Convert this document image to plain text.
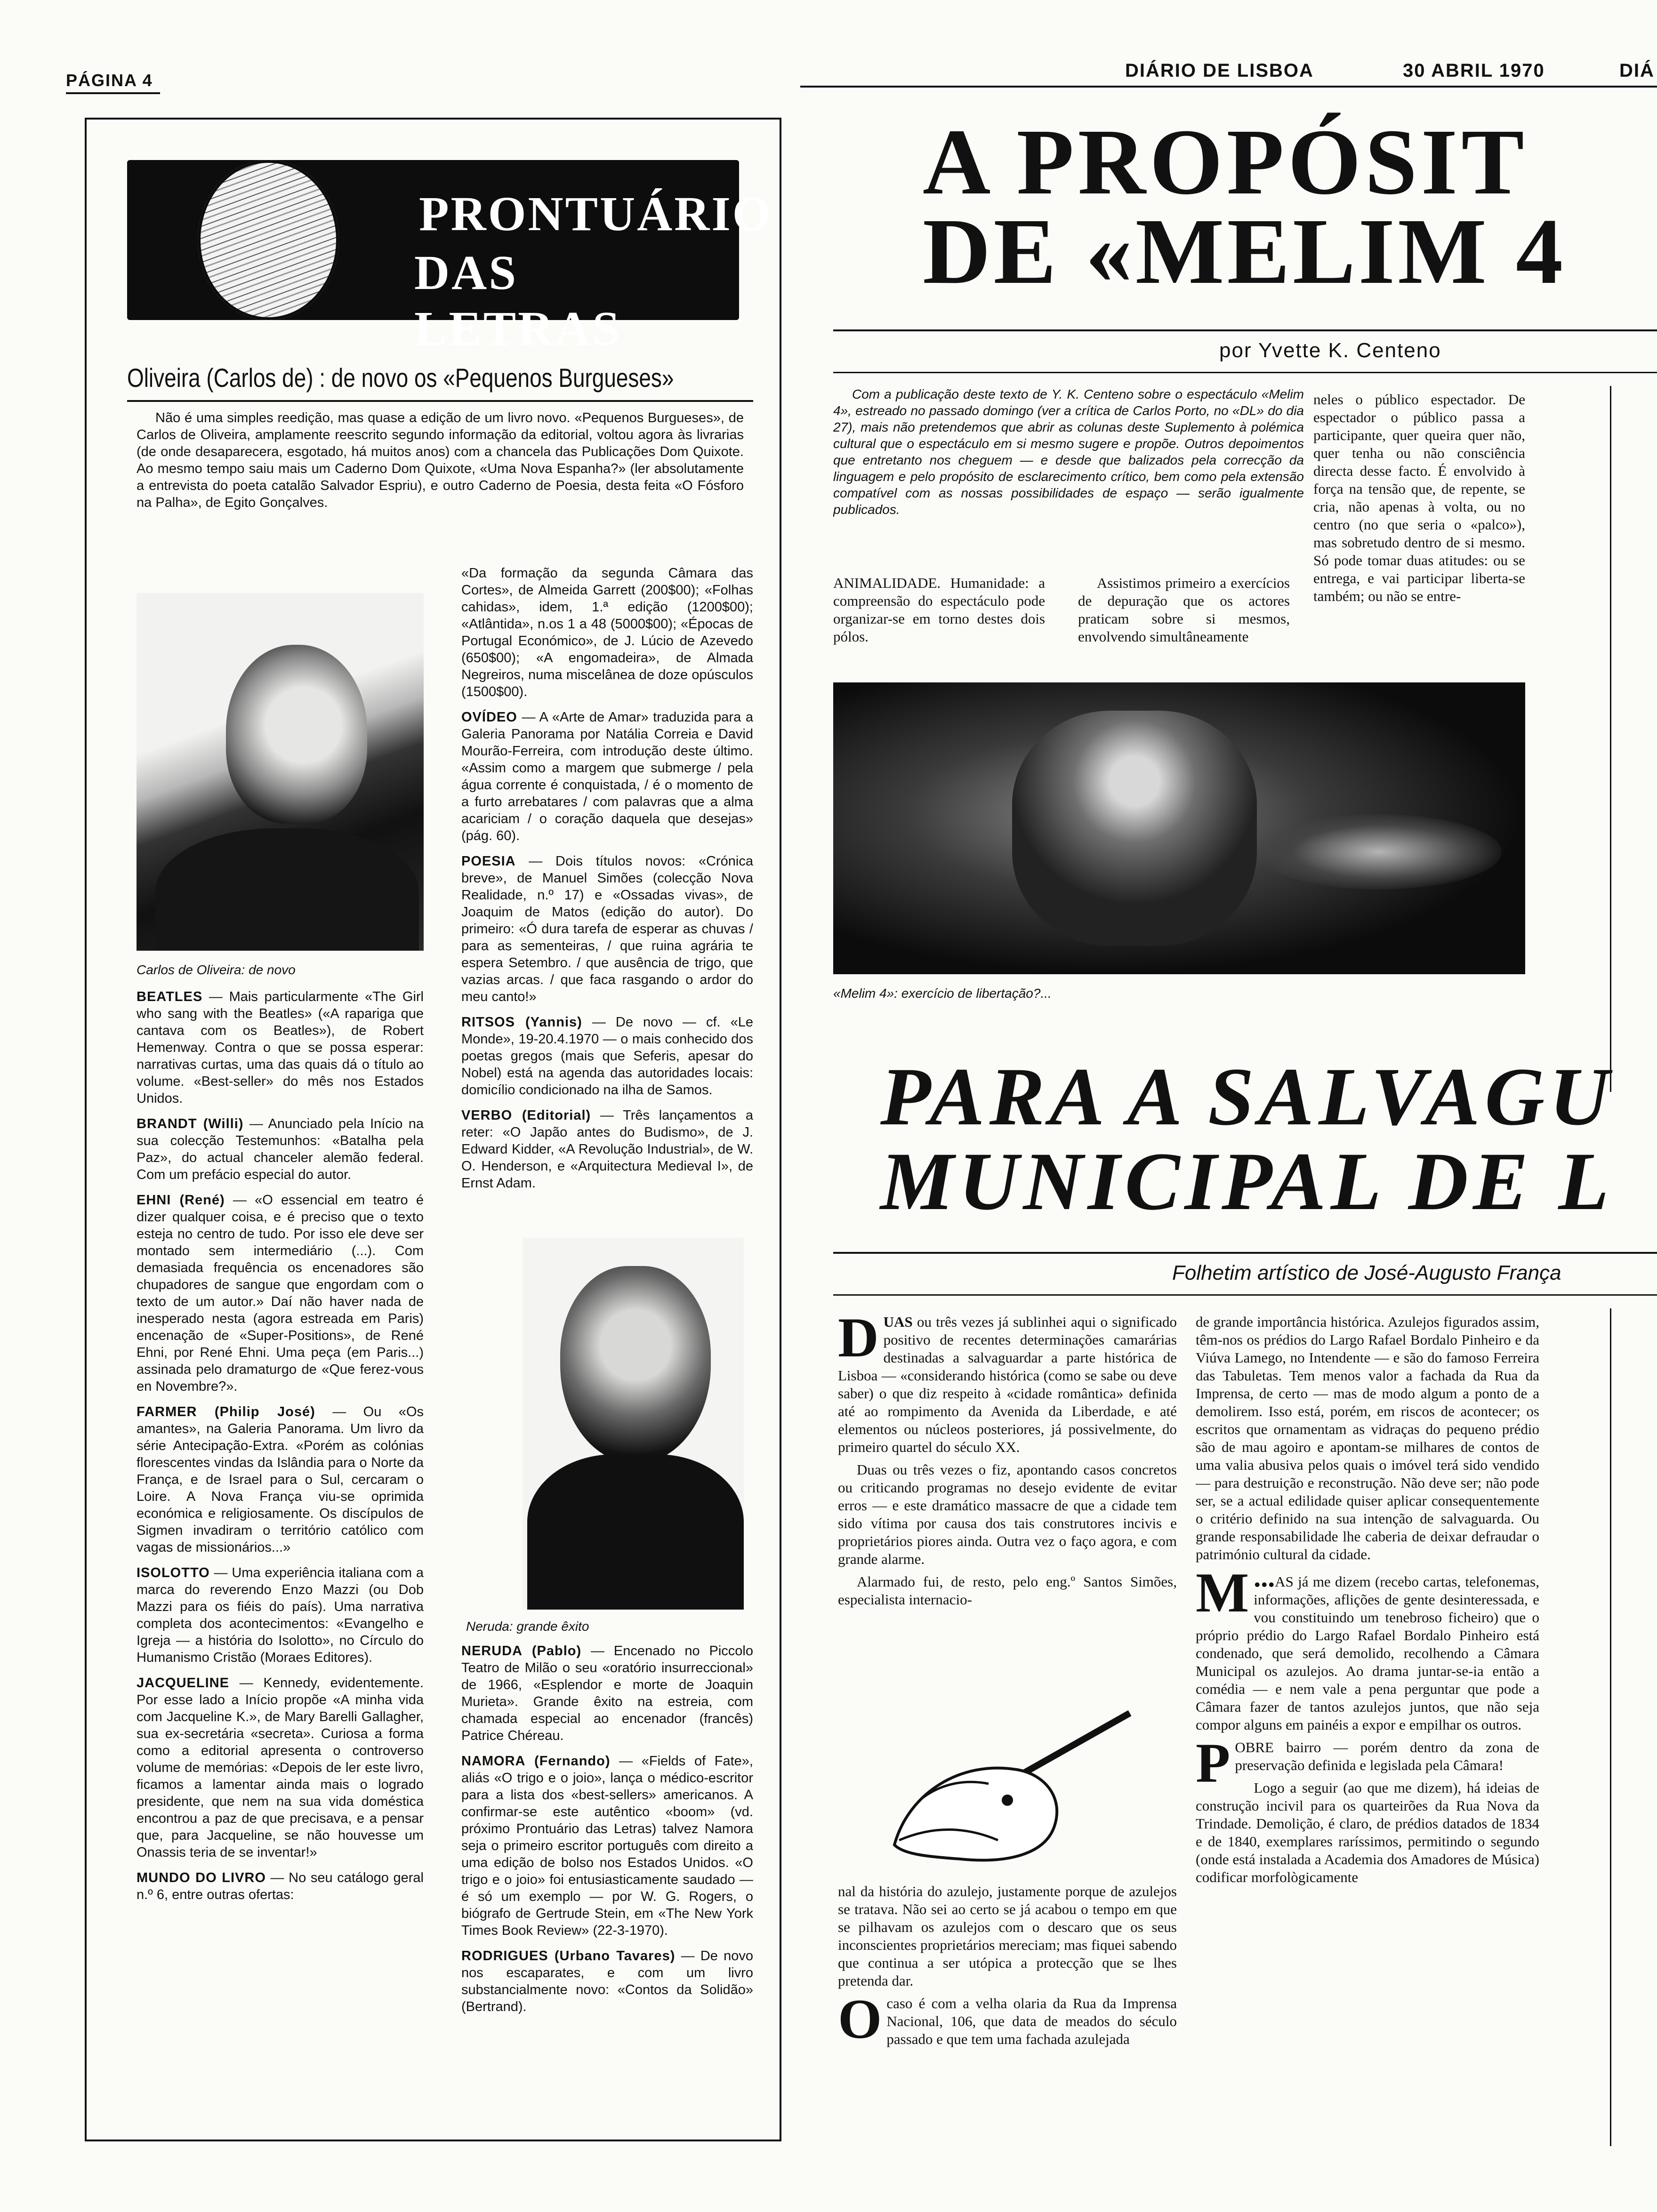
PÁGINA 4	DIÁRIO DE LISBOA	30 ABRIL 1970	DIÁ
PRONTUÁRIO
DAS LETRAS
Oliveira (Carlos de) : de novo os «Pequenos Burgueses»

Não é uma simples reedição, mas quase a edição de um livro novo. «Pequenos Burgueses», de Carlos de Oliveira, amplamente reescrito segundo informação da editorial, voltou agora às livrarias (de onde desaparecera, esgotado, há muitos anos) com a chancela das Publicações Dom Quixote. Ao mesmo tempo saiu mais um Caderno Dom Quixote, «Uma Nova Espanha?» (ler absolutamente a entrevista do poeta catalão Salvador Espriu), e outro Caderno de Poesia, desta feita «O Fósforo na Palha», de Egito Gonçalves.

Carlos de Oliveira: de novo

BEATLES — Mais particularmente «The Girl who sang with the Beatles» («A rapariga que cantava com os Beatles»), de Robert Hemenway. Contra o que se possa esperar: narrativas curtas, uma das quais dá o título ao volume. «Best-seller» do mês nos Estados Unidos.

BRANDT (Willi) — Anunciado pela Início na sua colecção Testemunhos: «Batalha pela Paz», do actual chanceler alemão federal. Com um prefácio especial do autor.

EHNI (René) — «O essencial em teatro é dizer qualquer coisa, e é preciso que o texto esteja no centro de tudo. Por isso ele deve ser montado sem intermediário (...). Com demasiada frequência os encenadores são chupadores de sangue que engordam com o texto de um autor.» Daí não haver nada de inesperado nesta (agora estreada em Paris) encenação de «Super-Positions», de René Ehni, por René Ehni. Uma peça (em Paris...) assinada pelo dramaturgo de «Que ferez-vous en Novembre?».

FARMER (Philip José) — Ou «Os amantes», na Galeria Panorama. Um livro da série Antecipação-Extra. «Porém as colónias florescentes vindas da Islândia para o Norte da França, e de Israel para o Sul, cercaram o Loire. A Nova França viu-se oprimida económica e religiosamente. Os discípulos de Sigmen invadiram o território católico com vagas de missionários...»

ISOLOTTO — Uma experiência italiana com a marca do reverendo Enzo Mazzi (ou Dob Mazzi para os fiéis do país). Uma narrativa completa dos acontecimentos: «Evangelho e Igreja — a história do Isolotto», no Círculo do Humanismo Cristão (Moraes Editores).

JACQUELINE — Kennedy, evidentemente. Por esse lado a Início propõe «A minha vida com Jacqueline K.», de Mary Barelli Gallagher, sua ex-secretária «secreta». Curiosa a forma como a editorial apresenta o controverso volume de memórias: «Depois de ler este livro, ficamos a lamentar ainda mais o logrado presidente, que nem na sua vida doméstica encontrou a paz de que precisava, e a pensar que, para Jacqueline, se não houvesse um Onassis teria de se inventar!»

MUNDO DO LIVRO — No seu catálogo geral n.º 6, entre outras ofertas:

«Da formação da segunda Câmara das Cortes», de Almeida Garrett (200$00); «Folhas cahidas», idem, 1.ª edição (1200$00); «Atlântida», n.os 1 a 48 (5000$00); «Épocas de Portugal Económico», de J. Lúcio de Azevedo (650$00); «A engomadeira», de Almada Negreiros, numa miscelânea de doze opúsculos (1500$00).

OVÍDEO — A «Arte de Amar» traduzida para a Galeria Panorama por Natália Correia e David Mourão-Ferreira, com introdução deste último. «Assim como a margem que submerge / pela água corrente é conquistada, / é o momento de a furto arrebatares / com palavras que a alma acariciam / o coração daquela que desejas» (pág. 60).

POESIA — Dois títulos novos: «Crónica breve», de Manuel Simões (colecção Nova Realidade, n.º 17) e «Ossadas vivas», de Joaquim de Matos (edição do autor). Do primeiro: «Ó dura tarefa de esperar as chuvas / para as sementeiras, / que ruina agrária te espera Setembro. / que ausência de trigo, que vazias arcas. / que faca rasgando o ardor do meu canto!»

RITSOS (Yannis) — De novo — cf. «Le Monde», 19-20.4.1970 — o mais conhecido dos poetas gregos (mais que Seferis, apesar do Nobel) está na agenda das autoridades locais: domicílio condicionado na ilha de Samos.

VERBO (Editorial) — Três lançamentos a reter: «O Japão antes do Budismo», de J. Edward Kidder, «A Revolução Industrial», de W. O. Henderson, e «Arquitectura Medieval I», de Ernst Adam.

Neruda: grande êxito

NERUDA (Pablo) — Encenado no Piccolo Teatro de Milão o seu «oratório insurreccional» de 1966, «Esplendor e morte de Joaquin Murieta». Grande êxito na estreia, com chamada especial ao encenador (francês) Patrice Chéreau.

NAMORA (Fernando) — «Fields of Fate», aliás «O trigo e o joio», lança o médico-escritor para a lista dos «best-sellers» americanos. A confirmar-se este autêntico «boom» (vd. próximo Prontuário das Letras) talvez Namora seja o primeiro escritor português com direito a uma edição de bolso nos Estados Unidos. «O trigo e o joio» foi entusiasticamente saudado — é só um exemplo — por W. G. Rogers, o biógrafo de Gertrude Stein, em «The New York Times Book Review» (22-3-1970).

RODRIGUES (Urbano Tavares) — De novo nos escaparates, e com um livro substancialmente novo: «Contos da Solidão» (Bertrand).

A PROPÓSIT
DE «MELIM 4
por Yvette K. Centeno

Com a publicação deste texto de Y. K. Centeno sobre o espectáculo «Melim 4», estreado no passado domingo (ver a crítica de Carlos Porto, no «DL» do dia 27), mais não pretendemos que abrir as colunas deste Suplemento à polémica cultural que o espectáculo em si mesmo sugere e propõe. Outros depoimentos que entretanto nos cheguem — e desde que balizados pela correcção da linguagem e pelo propósito de esclarecimento crítico, bem como pela extensão compatível com as nossas possibilidades de espaço — serão igualmente publicados.

ANIMALIDADE. Humanidade: a compreensão do espectáculo pode organizar-se em torno destes dois pólos.

Assistimos primeiro a exercícios de depuração que os actores praticam sobre si mesmos, envolvendo simultâneamente

neles o público espectador. De espectador o público passa a participante, quer queira quer não, quer tenha ou não consciência directa desse facto. É envolvido à força na tensão que, de repente, se cria, não apenas à volta, ou no centro (no que seria o «palco»), mas sobretudo dentro de si mesmo. Só pode tomar duas atitudes: ou se entrega, e vai participar liberta-se também; ou não se entre-

«Melim 4»: exercício de libertação?...
PARA A SALVAGU
MUNICIPAL DE L
Folhetim artístico de José-Augusto França

DUAS ou três vezes já sublinhei aqui o significado positivo de recentes determinações camarárias destinadas a salvaguardar a parte histórica de Lisboa — «considerando histórica (como se sabe ou deve saber) o que diz respeito à «cidade romântica» definida até ao rompimento da Avenida da Liberdade, e até elementos ou núcleos posteriores, já possivelmente, do primeiro quartel do século XX.

Duas ou três vezes o fiz, apontando casos concretos ou criticando programas no desejo evidente de evitar erros — e este dramático massacre de que a cidade tem sido vítima por causa dos tais construtores incivis e proprietários piores ainda. Outra vez o faço agora, e com grande alarme.

Alarmado fui, de resto, pelo eng.º Santos Simões, especialista internacio-

nal da história do azulejo, justamente porque de azulejos se tratava. Não sei ao certo se já acabou o tempo em que se pilhavam os azulejos com o descaro que os seus inconscientes proprietários mereciam; mas fiquei sabendo que continua a ser utópica a protecção que se lhes pretenda dar.

O caso é com a velha olaria da Rua da Imprensa Nacional, 106, que data de meados do século passado e que tem uma fachada azulejada

de grande importância histórica. Azulejos figurados assim, têm-nos os prédios do Largo Rafael Bordalo Pinheiro e da Viúva Lamego, no Intendente — e são do famoso Ferreira das Tabuletas. Tem menos valor a fachada da Rua da Imprensa, de certo — mas de modo algum a ponto de a demolirem. Isso está, porém, em riscos de acontecer; os escritos que ornamentam as vidraças do pequeno prédio são de mau agoiro e apontam-se milhares de contos de uma valia abusiva pelos quais o imóvel terá sido vendido — para destruição e reconstrução. Não deve ser; não pode ser, se a actual edilidade quiser aplicar consequentemente o critério definido na sua intenção de salvaguarda. Ou grande responsabilidade lhe caberia de deixar defraudar o património cultural da cidade.

...
M AS já me dizem (recebo cartas, telefonemas, informações, aflições de gente desinteressada, e vou constituindo um tenebroso ficheiro) que o próprio prédio do Largo Rafael Bordalo Pinheiro está condenado, que será demolido, recolhendo a Câmara Municipal os azulejos. Ao drama juntar-se-ia então a comédia — e nem vale a pena perguntar que pode a Câmara fazer de tantos azulejos juntos, que não seja compor alguns em painéis a expor e empilhar os outros.

POBRE bairro — porém dentro da zona de preservação definida e legislada pela Câmara!

Logo a seguir (ao que me dizem), há ideias de construção incivil para os quarteirões da Rua Nova da Trindade. Demolição, é claro, de prédios datados de 1834 e de 1840, exemplares raríssimos, permitindo o segundo (onde está instalada a Academia dos Amadores de Música) codificar morfològicamente
